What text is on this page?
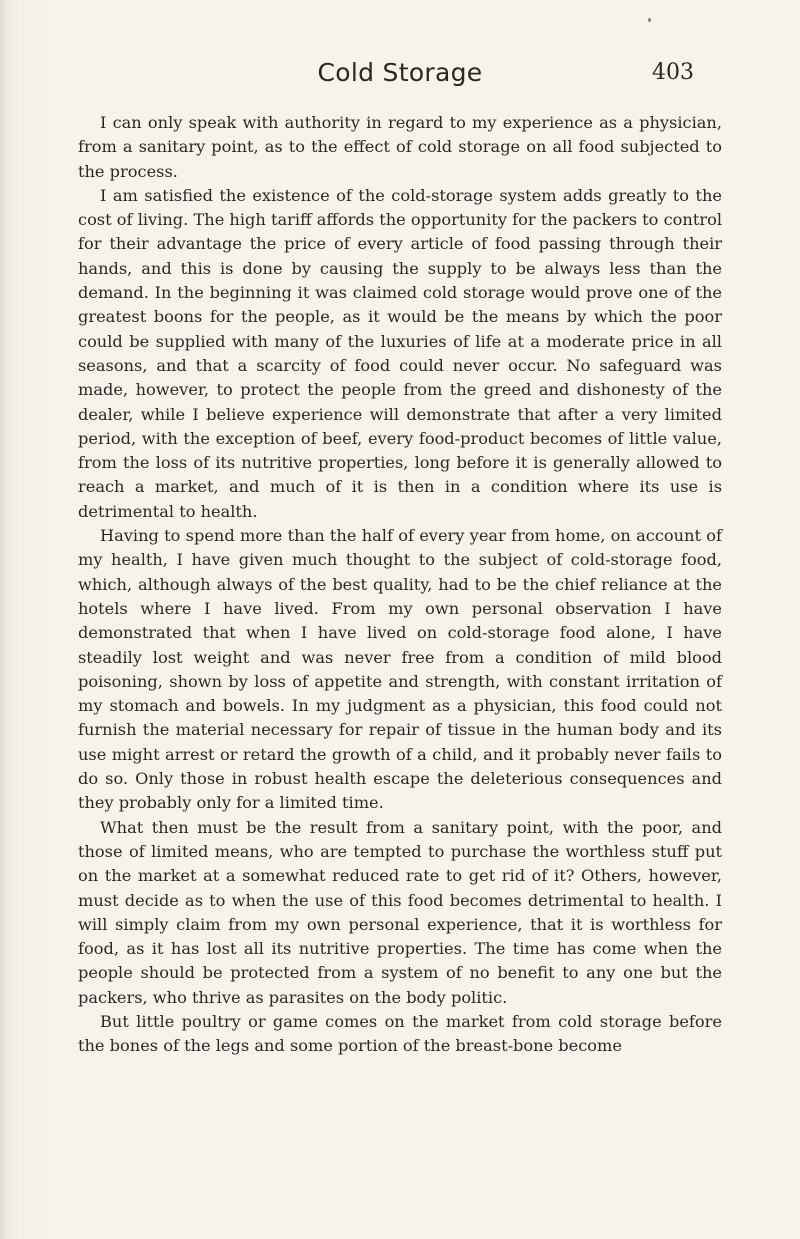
Cold Storage	403

I can only speak with authority in regard to my experience as a physician, from a sanitary point, as to the effect of cold storage on all food subjected to the process.

I am satisfied the existence of the cold-storage system adds greatly to the cost of living. The high tariff affords the opportunity for the packers to control for their advantage the price of every article of food passing through their hands, and this is done by causing the supply to be always less than the demand. In the beginning it was claimed cold storage would prove one of the greatest boons for the people, as it would be the means by which the poor could be supplied with many of the luxuries of life at a moderate price in all seasons, and that a scarcity of food could never occur. No safeguard was made, however, to protect the people from the greed and dishonesty of the dealer, while I believe experience will demonstrate that after a very limited period, with the exception of beef, every food-product becomes of little value, from the loss of its nutritive properties, long before it is generally allowed to reach a market, and much of it is then in a condition where its use is detrimental to health.

Having to spend more than the half of every year from home, on account of my health, I have given much thought to the subject of cold-storage food, which, although always of the best quality, had to be the chief reliance at the hotels where I have lived. From my own personal observation I have demonstrated that when I have lived on cold-storage food alone, I have steadily lost weight and was never free from a condition of mild blood poisoning, shown by loss of appetite and strength, with constant irritation of my stomach and bowels. In my judgment as a physician, this food could not furnish the material necessary for repair of tissue in the human body and its use might arrest or retard the growth of a child, and it probably never fails to do so. Only those in robust health escape the deleterious consequences and they probably only for a limited time.

What then must be the result from a sanitary point, with the poor, and those of limited means, who are tempted to purchase the worthless stuff put on the market at a somewhat reduced rate to get rid of it? Others, however, must decide as to when the use of this food becomes detrimental to health. I will simply claim from my own personal experience, that it is worthless for food, as it has lost all its nutritive properties. The time has come when the people should be protected from a system of no benefit to any one but the packers, who thrive as parasites on the body politic.

But little poultry or game comes on the market from cold storage before the bones of the legs and some portion of the breast-bone become
